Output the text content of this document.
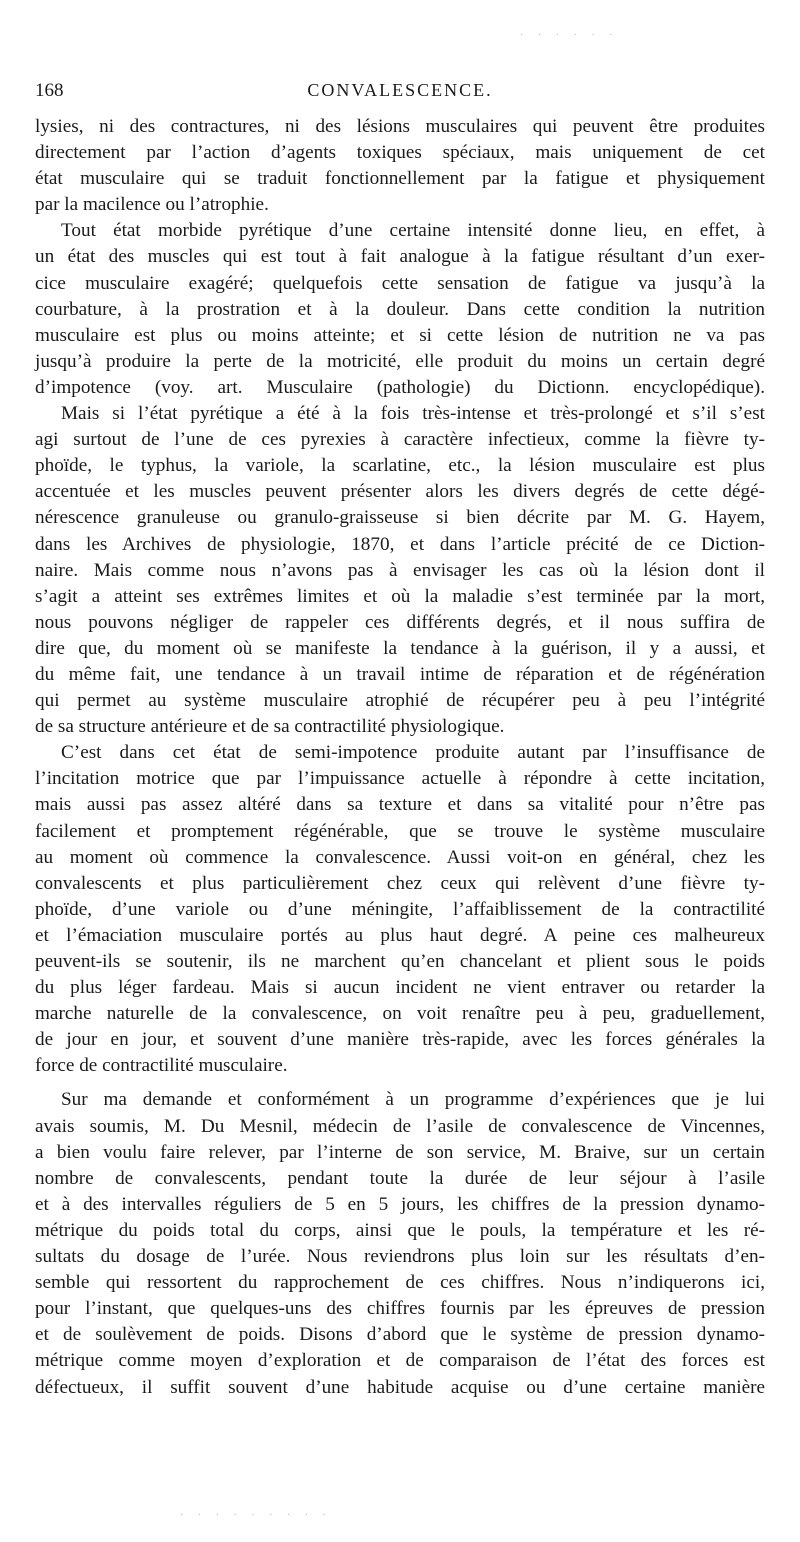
· · · · · ·
· · · · · · · · ·
168	CONVALESCENCE.
lysies, ni des contractures, ni des lésions musculaires qui peuvent être produites
directement par l’action d’agents toxiques spéciaux, mais uniquement de cet
état musculaire qui se traduit fonctionnellement par la fatigue et physiquement
par la macilence ou l’atrophie.
Tout état morbide pyrétique d’une certaine intensité donne lieu, en effet, à
un état des muscles qui est tout à fait analogue à la fatigue résultant d’un exer-
cice musculaire exagéré; quelquefois cette sensation de fatigue va jusqu’à la
courbature, à la prostration et à la douleur. Dans cette condition la nutrition
musculaire est plus ou moins atteinte; et si cette lésion de nutrition ne va pas
jusqu’à produire la perte de la motricité, elle produit du moins un certain degré
d’impotence (voy. art. Musculaire (pathologie) du Dictionn. encyclopédique).
Mais si l’état pyrétique a été à la fois très-intense et très-prolongé et s’il s’est
agi surtout de l’une de ces pyrexies à caractère infectieux, comme la fièvre ty-
phoïde, le typhus, la variole, la scarlatine, etc., la lésion musculaire est plus
accentuée et les muscles peuvent présenter alors les divers degrés de cette dégé-
nérescence granuleuse ou granulo-graisseuse si bien décrite par M. G. Hayem,
dans les Archives de physiologie, 1870, et dans l’article précité de ce Diction-
naire. Mais comme nous n’avons pas à envisager les cas où la lésion dont il
s’agit a atteint ses extrêmes limites et où la maladie s’est terminée par la mort,
nous pouvons négliger de rappeler ces différents degrés, et il nous suffira de
dire que, du moment où se manifeste la tendance à la guérison, il y a aussi, et
du même fait, une tendance à un travail intime de réparation et de régénération
qui permet au système musculaire atrophié de récupérer peu à peu l’intégrité
de sa structure antérieure et de sa contractilité physiologique.
C’est dans cet état de semi-impotence produite autant par l’insuffisance de
l’incitation motrice que par l’impuissance actuelle à répondre à cette incitation,
mais aussi pas assez altéré dans sa texture et dans sa vitalité pour n’être pas
facilement et promptement régénérable, que se trouve le système musculaire
au moment où commence la convalescence. Aussi voit-on en général, chez les
convalescents et plus particulièrement chez ceux qui relèvent d’une fièvre ty-
phoïde, d’une variole ou d’une méningite, l’affaiblissement de la contractilité
et l’émaciation musculaire portés au plus haut degré. A peine ces malheureux
peuvent-ils se soutenir, ils ne marchent qu’en chancelant et plient sous le poids
du plus léger fardeau. Mais si aucun incident ne vient entraver ou retarder la
marche naturelle de la convalescence, on voit renaître peu à peu, graduellement,
de jour en jour, et souvent d’une manière très-rapide, avec les forces générales la
force de contractilité musculaire.
Sur ma demande et conformément à un programme d’expériences que je lui
avais soumis, M. Du Mesnil, médecin de l’asile de convalescence de Vincennes,
a bien voulu faire relever, par l’interne de son service, M. Braive, sur un certain
nombre de convalescents, pendant toute la durée de leur séjour à l’asile
et à des intervalles réguliers de 5 en 5 jours, les chiffres de la pression dynamo-
métrique du poids total du corps, ainsi que le pouls, la température et les ré-
sultats du dosage de l’urée. Nous reviendrons plus loin sur les résultats d’en-
semble qui ressortent du rapprochement de ces chiffres. Nous n’indiquerons ici,
pour l’instant, que quelques-uns des chiffres fournis par les épreuves de pression
et de soulèvement de poids. Disons d’abord que le système de pression dynamo-
métrique comme moyen d’exploration et de comparaison de l’état des forces est
défectueux, il suffit souvent d’une habitude acquise ou d’une certaine manière
